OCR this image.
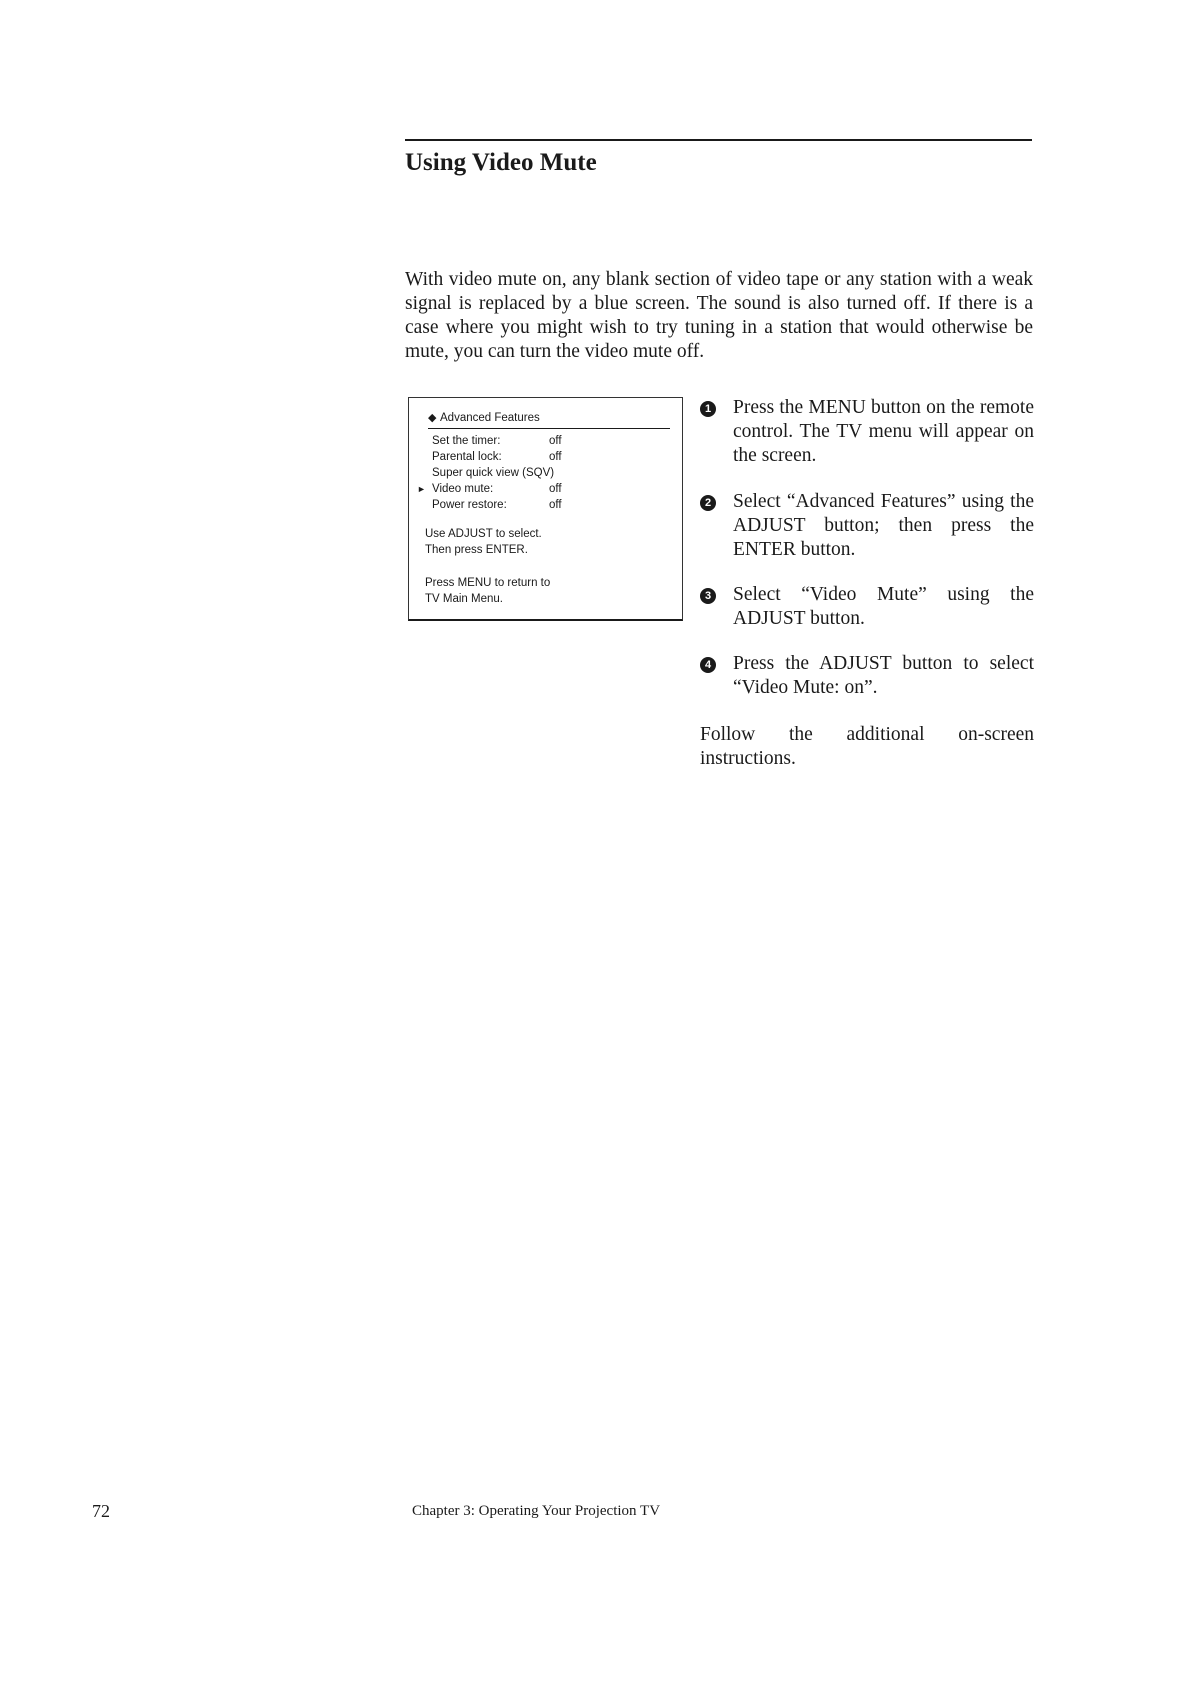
Using Video Mute

With video mute on, any blank section of video tape or any station with a weak signal is replaced by a blue screen. The sound is also turned off. If there is a case where you might wish to try tuning in a station that would otherwise be mute, you can turn the video mute off.

◆ Advanced Features
Set the timer:	off
Parental lock:	off
Super quick view (SQV)
► Video mute:	off
Power restore:	off
Use ADJUST to select.
Then press ENTER.
Press MENU to return to
TV Main Menu.
1 Press the MENU button on the remote control. The TV menu will appear on the screen.
2 Select “Advanced Features” using the ADJUST button; then press the ENTER button.
3 Select “Video Mute” using the ADJUST button.
4 Press the ADJUST button to select “Video Mute: on”.

Follow the additional on-screen instructions.

72	Chapter 3: Operating Your Projection TV
